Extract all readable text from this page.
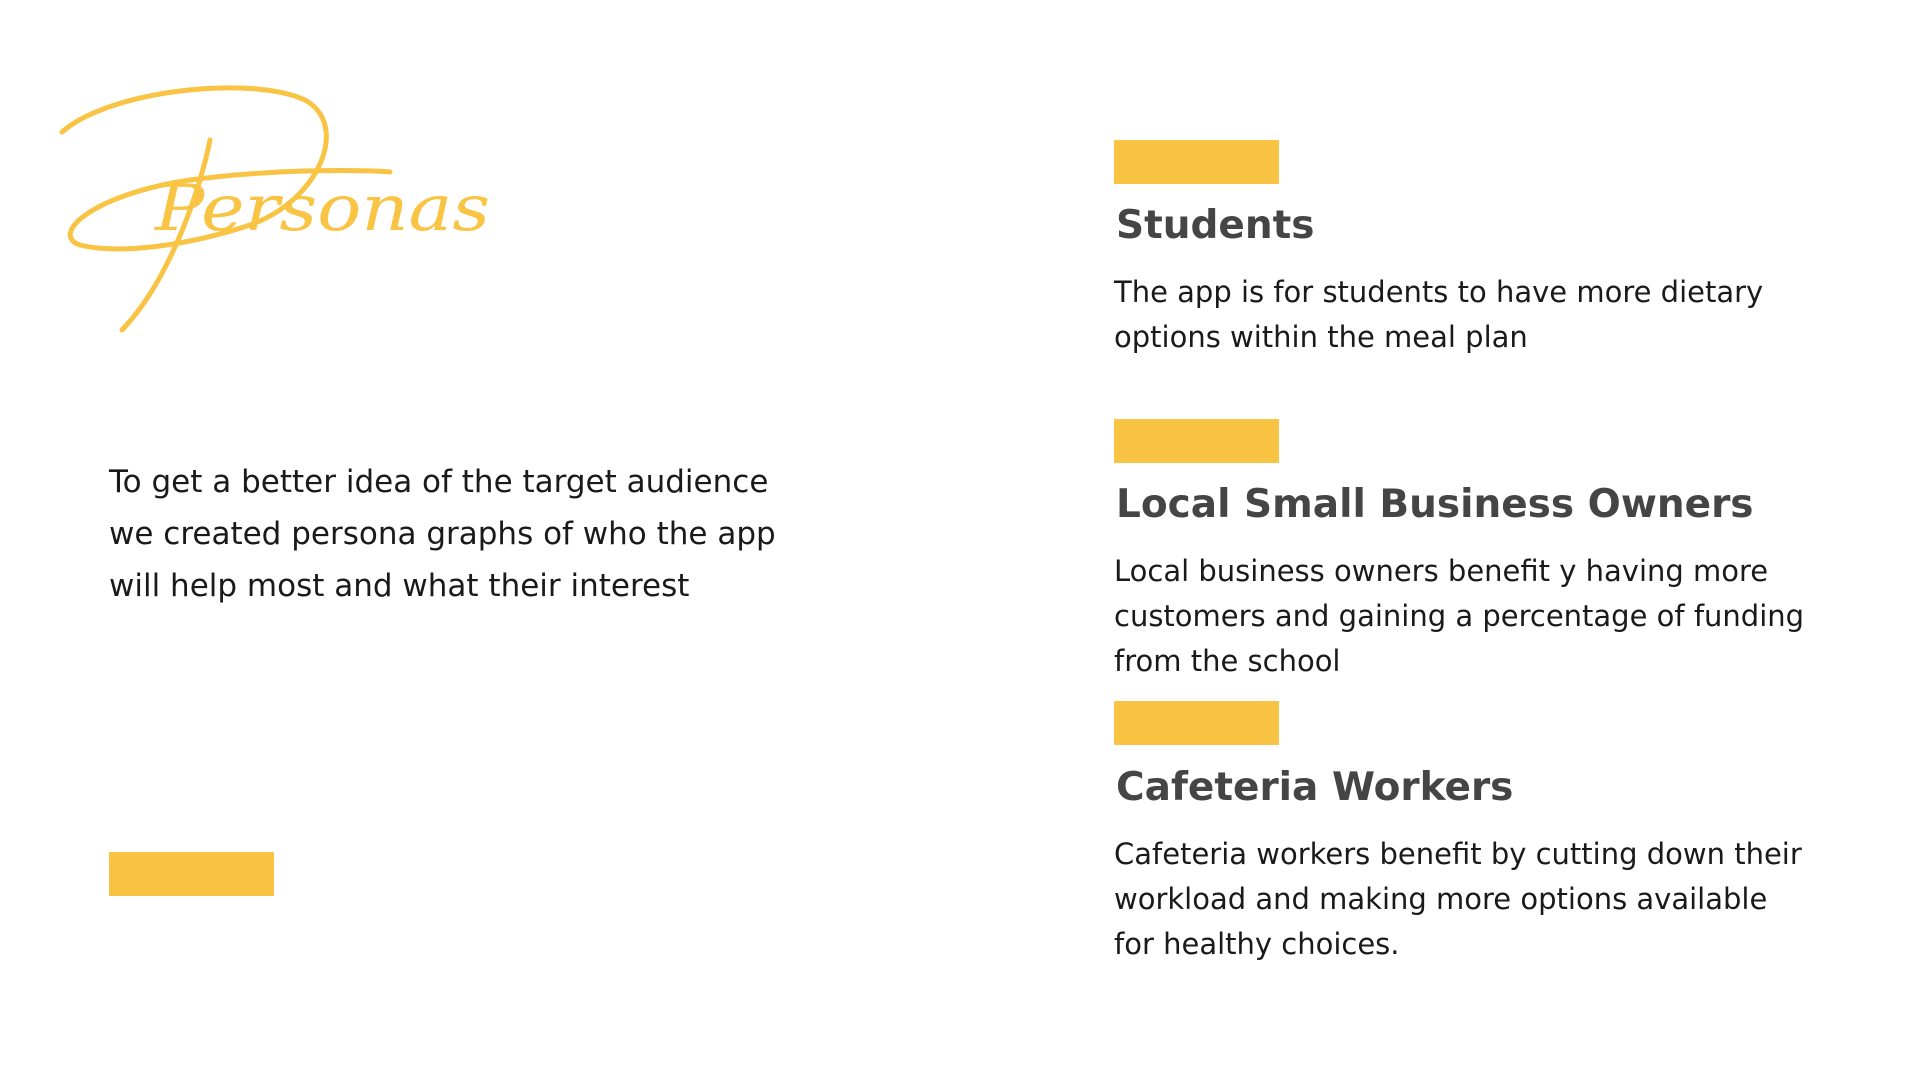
Personas

To get a better idea of the target audience we created persona graphs of who the app will help most and what their interest

Students

The app is for students to have more dietary options within the meal plan

Local Small Business Owners

Local business owners benefit y having more customers and gaining a percentage of funding from the school

Cafeteria Workers

Cafeteria workers benefit by cutting down their workload and making more options available for healthy choices.
